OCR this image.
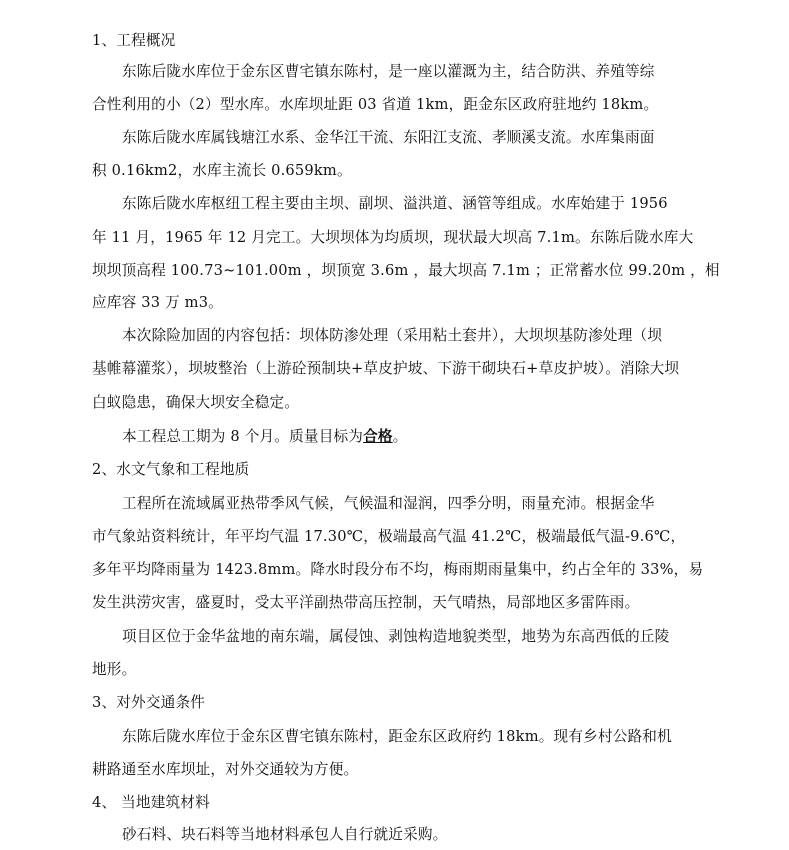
1、工程概况
东陈后陇水库位于金东区曹宅镇东陈村，是一座以灌溉为主，结合防洪、养殖等综
合性利用的小（2）型水库。水库坝址距 03 省道 1km，距金东区政府驻地约 18km。
东陈后陇水库属钱塘江水系、金华江干流、东阳江支流、孝顺溪支流。水库集雨面
积 0.16km2，水库主流长 0.659km。
东陈后陇水库枢纽工程主要由主坝、副坝、溢洪道、涵管等组成。水库始建于 1956
年 11 月，1965 年 12 月完工。大坝坝体为均质坝，现状最大坝高 7.1m。东陈后陇水库大
坝坝顶高程 100.73~101.00m ，坝顶宽 3.6m ，最大坝高 7.1m ；正常蓄水位 99.20m ，相
应库容 33 万 m3。
本次除险加固的内容包括：坝体防渗处理（采用粘土套井），大坝坝基防渗处理（坝
基帷幕灌浆），坝坡整治（上游砼预制块+草皮护坡、下游干砌块石+草皮护坡）。消除大坝
白蚁隐患，确保大坝安全稳定。
本工程总工期为 8 个月。质量目标为合格。
2、水文气象和工程地质
工程所在流域属亚热带季风气候，气候温和湿润，四季分明，雨量充沛。根据金华
市气象站资料统计，年平均气温 17.30℃，极端最高气温 41.2℃，极端最低气温-9.6℃，
多年平均降雨量为 1423.8mm。降水时段分布不均，梅雨期雨量集中，约占全年的 33%，易
发生洪涝灾害，盛夏时，受太平洋副热带高压控制，天气晴热，局部地区多雷阵雨。
项目区位于金华盆地的南东端，属侵蚀、剥蚀构造地貌类型，地势为东高西低的丘陵
地形。
3、对外交通条件
东陈后陇水库位于金东区曹宅镇东陈村，距金东区政府约 18km。现有乡村公路和机
耕路通至水库坝址，对外交通较为方便。
4、 当地建筑材料
砂石料、块石料等当地材料承包人自行就近采购。
